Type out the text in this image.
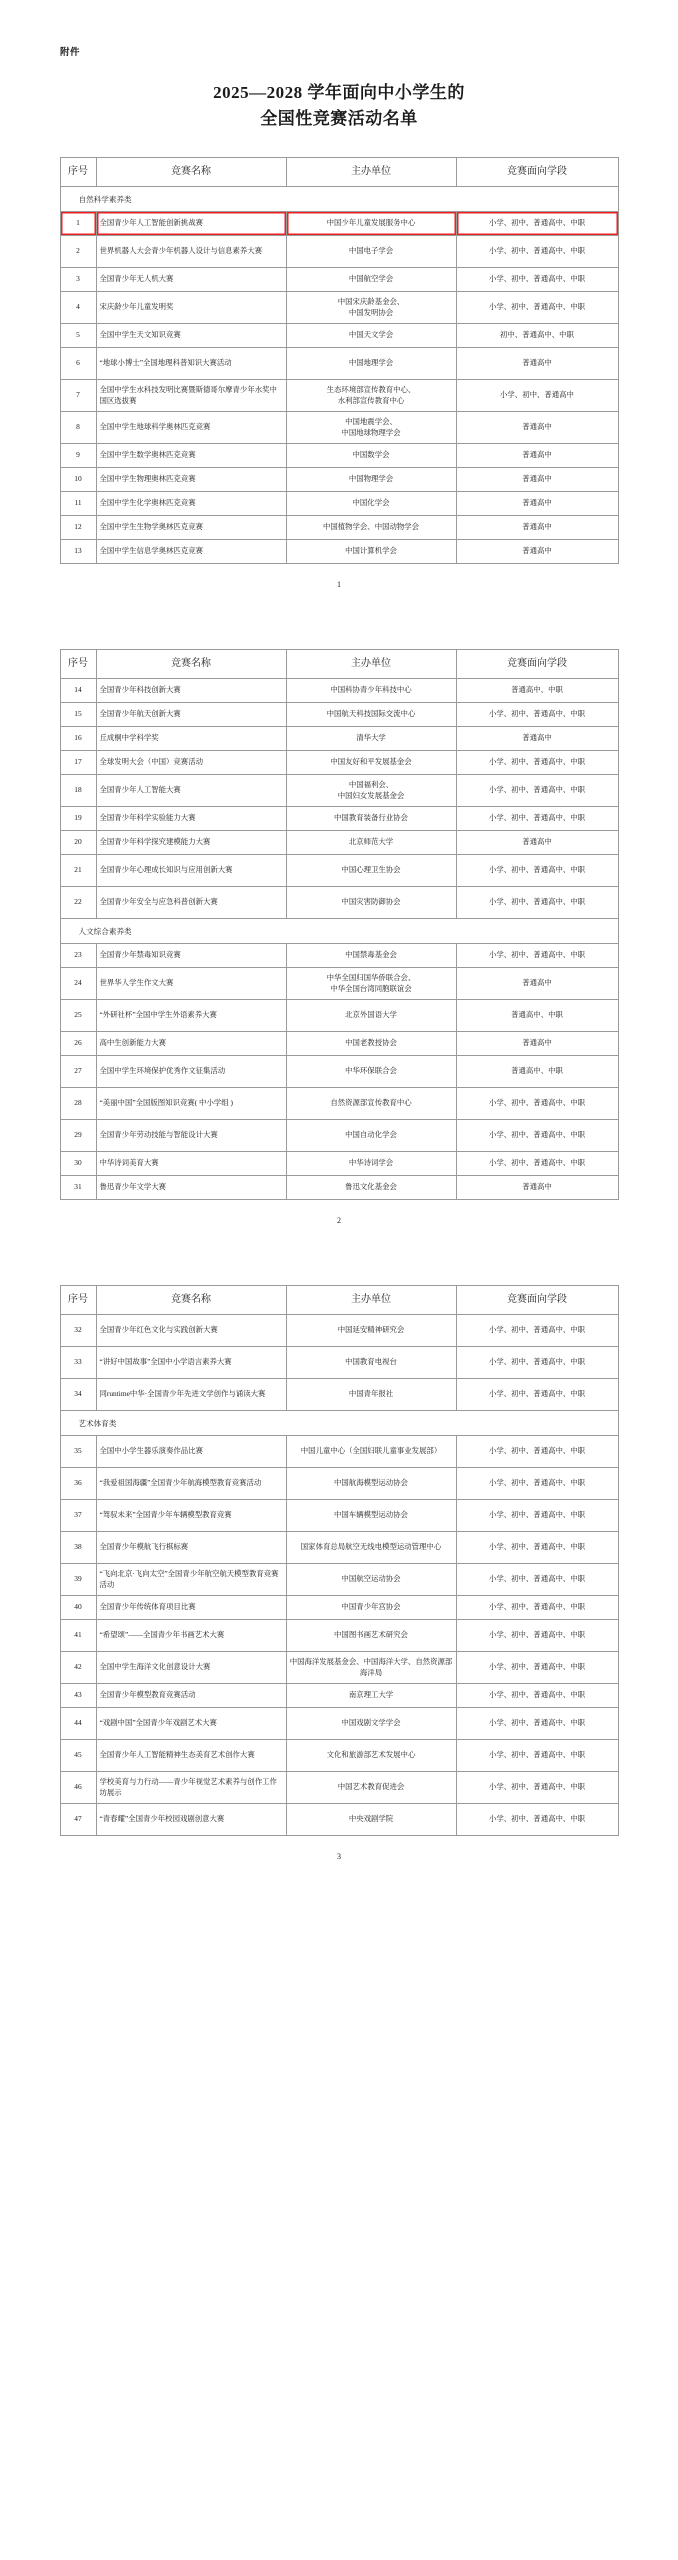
附件
2025—2028 学年面向中小学生的
全国性竞赛活动名单
序号	竞赛名称	主办单位	竞赛面向学段
自然科学素养类			
1	全国青少年人工智能创新挑战赛	中国少年儿童发展服务中心	小学、初中、普通高中、中职
2	世界机器人大会青少年机器人设计与信息素养大赛	中国电子学会	小学、初中、普通高中、中职
3	全国青少年无人机大赛	中国航空学会	小学、初中、普通高中、中职
4	宋庆龄少年儿童发明奖	中国宋庆龄基金会、
中国发明协会	小学、初中、普通高中、中职
5	全国中学生天文知识竞赛	中国天文学会	初中、普通高中、中职
6	“地球小博士”全国地理科普知识大赛活动	中国地理学会	普通高中
7	全国中学生水科技发明比赛暨斯德哥尔摩青少年水奖中国区选拔赛	生态环境部宣传教育中心、
水利部宣传教育中心	小学、初中、普通高中
8	全国中学生地球科学奥林匹克竞赛	中国地震学会、
中国地球物理学会	普通高中
9	全国中学生数学奥林匹克竞赛	中国数学会	普通高中
10	全国中学生物理奥林匹克竞赛	中国物理学会	普通高中
11	全国中学生化学奥林匹克竞赛	中国化学会	普通高中
12	全国中学生生物学奥林匹克竞赛	中国植物学会、中国动物学会	普通高中
13	全国中学生信息学奥林匹克竞赛	中国计算机学会	普通高中
1
序号	竞赛名称	主办单位	竞赛面向学段
14	全国青少年科技创新大赛	中国科协青少年科技中心	普通高中、中职
15	全国青少年航天创新大赛	中国航天科技国际交流中心	小学、初中、普通高中、中职
16	丘成桐中学科学奖	清华大学	普通高中
17	全球发明大会（中国）竞赛活动	中国友好和平发展基金会	小学、初中、普通高中、中职
18	全国青少年人工智能大赛	中国福利会、
中国妇女发展基金会	小学、初中、普通高中、中职
19	全国青少年科学实验能力大赛	中国教育装备行业协会	小学、初中、普通高中、中职
20	全国青少年科学探究建模能力大赛	北京师范大学	普通高中
21	全国青少年心理成长知识与应用创新大赛	中国心理卫生协会	小学、初中、普通高中、中职
22	全国青少年安全与应急科普创新大赛	中国灾害防御协会	小学、初中、普通高中、中职
人文综合素养类			
23	全国青少年禁毒知识竞赛	中国禁毒基金会	小学、初中、普通高中、中职
24	世界华人学生作文大赛	中华全国归国华侨联合会、
中华全国台湾同胞联谊会	普通高中
25	“外研社杯”全国中学生外语素养大赛	北京外国语大学	普通高中、中职
26	高中生创新能力大赛	中国老教授协会	普通高中
27	全国中学生环境保护优秀作文征集活动	中华环保联合会	普通高中、中职
28	“美丽中国”全国版图知识竞赛( 中小学组 )	自然资源部宣传教育中心	小学、初中、普通高中、中职
29	全国青少年劳动技能与智能设计大赛	中国自动化学会	小学、初中、普通高中、中职
30	中华诗词美育大赛	中华诗词学会	小学、初中、普通高中、中职
31	鲁迅青少年文学大赛	鲁迅文化基金会	普通高中
2
序号	竞赛名称	主办单位	竞赛面向学段
32	全国青少年红色文化与实践创新大赛	中国延安精神研究会	小学、初中、普通高中、中职
33	“讲好中国故事”全国中小学语言素养大赛	中国教育电视台	小学、初中、普通高中、中职
34	同runtime中华·全国青少年先进文学创作与诵读大赛	中国青年报社	小学、初中、普通高中、中职
艺术体育类			
35	全国中小学生器乐演奏作品比赛	中国儿童中心（全国妇联儿童事业发展部）	小学、初中、普通高中、中职
36	“我爱祖国海疆”全国青少年航海模型教育竞赛活动	中国航海模型运动协会	小学、初中、普通高中、中职
37	“驾驭未来”全国青少年车辆模型教育竞赛	中国车辆模型运动协会	小学、初中、普通高中、中职
38	全国青少年模航飞行棋标赛	国家体育总局航空无线电模型运动管理中心	小学、初中、普通高中、中职
39	“飞向北京·飞向太空”全国青少年航空航天模型教育竞赛活动	中国航空运动协会	小学、初中、普通高中、中职
40	全国青少年传统体育项目比赛	中国青少年宫协会	小学、初中、普通高中、中职
41	“希望颂”——全国青少年书画艺术大赛	中国图书画艺术研究会	小学、初中、普通高中、中职
42	全国中学生海洋文化创意设计大赛	中国海洋发展基金会、中国海洋大学、自然资源部海洋局	小学、初中、普通高中、中职
43	全国青少年模型教育竞赛活动	南京理工大学	小学、初中、普通高中、中职
44	“戏剧中国”全国青少年戏剧艺术大赛	中国戏剧文学学会	小学、初中、普通高中、中职
45	全国青少年人工智能精神生态美育艺术创作大赛	文化和旅游部艺术发展中心	小学、初中、普通高中、中职
46	学校美育与力行动——青少年视觉艺术素养与创作工作坊展示	中国艺术教育促进会	小学、初中、普通高中、中职
47	“青春耀”全国青少年校园戏剧创意大赛	中央戏剧学院	小学、初中、普通高中、中职
3
